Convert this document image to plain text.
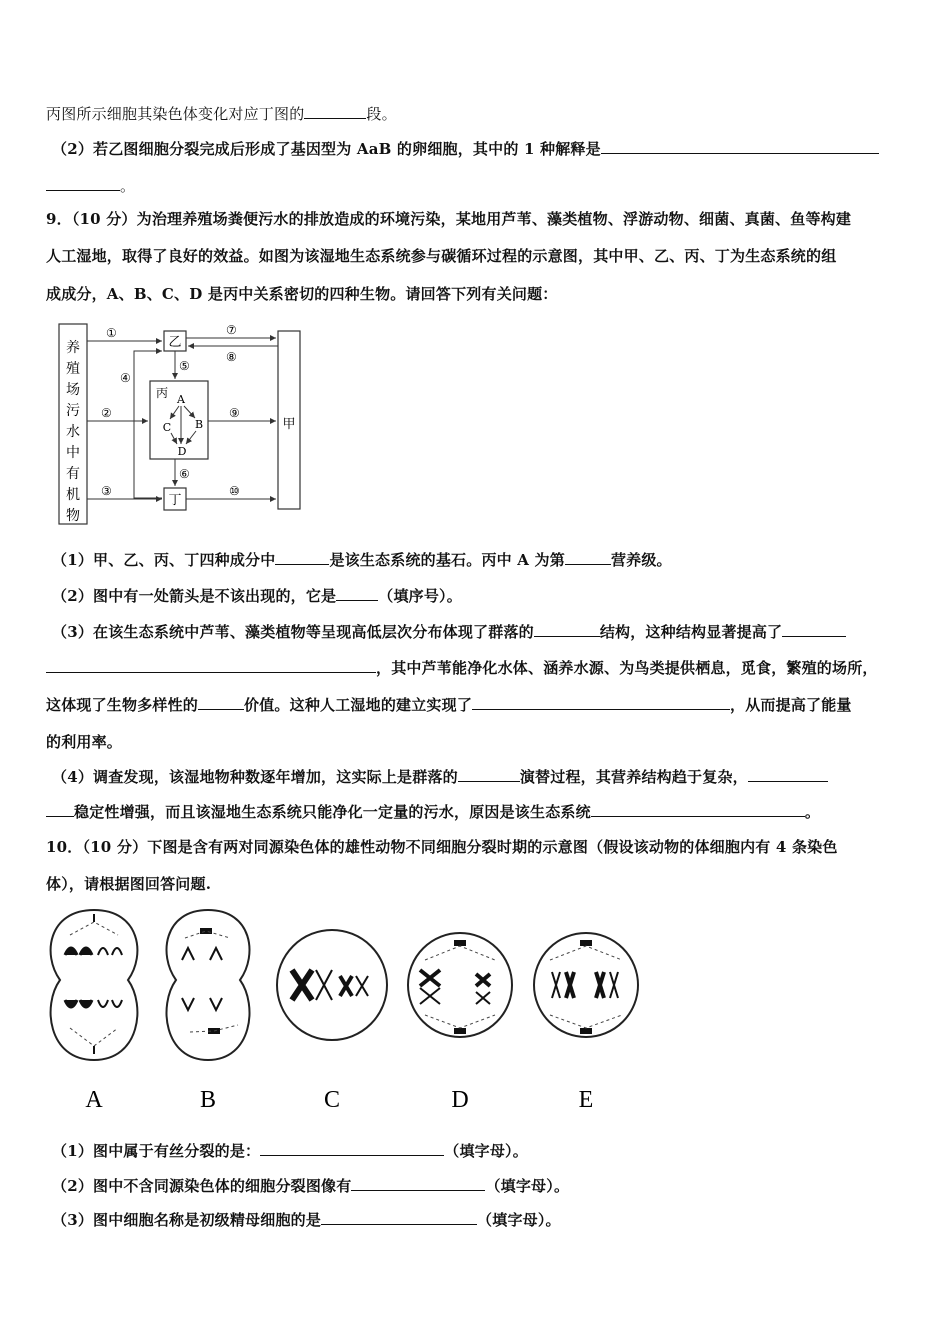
丙图所示细胞其染色体变化对应丁图的	段。
（2）若乙图细胞分裂完成后形成了基因型为 AaB 的卵细胞，其中的 1 种解释是
。
9．（10 分）为治理养殖场粪便污水的排放造成的环境污染，某地用芦苇、藻类植物、浮游动物、细菌、真菌、鱼等构建
人工湿地，取得了良好的效益。如图为该湿地生态系统参与碳循环过程的示意图，其中甲、乙、丙、丁为生态系统的组
成成分，A、B、C、D 是丙中关系密切的四种生物。请回答下列有关问题：
养
殖
场
污
水
中
有
机
物
乙
丙 A
B
C
D
丁
甲
①
②
③
④
⑤
⑥
⑦
⑧
⑨
⑩
（1）甲、乙、丙、丁四种成分中	是该生态系统的基石。丙中 A 为第	营养级。
（2）图中有一处箭头是不该出现的，它是	（填序号）。
（3）在该生态系统中芦苇、藻类植物等呈现高低层次分布体现了群落的	结构，这种结构显著提高了
，其中芦苇能净化水体、涵养水源、为鸟类提供栖息，觅食，繁殖的场所，
这体现了生物多样性的	价值。这种人工湿地的建立实现了	，从而提高了能量
的利用率。
（4）调查发现，该湿地物种数逐年增加，这实际上是群落的	演替过程，其营养结构趋于复杂，
稳定性增强，而且该湿地生态系统只能净化一定量的污水，原因是该生态系统	。
10．（10 分）下图是含有两对同源染色体的雄性动物不同细胞分裂时期的示意图（假设该动物的体细胞内有 4 条染色
体），请根据图回答问题.
A	B	C	D	E
（1）图中属于有丝分裂的是：	（填字母）。
（2）图中不含同源染色体的细胞分裂图像有	（填字母）。
（3）图中细胞名称是初级精母细胞的是	（填字母）。
